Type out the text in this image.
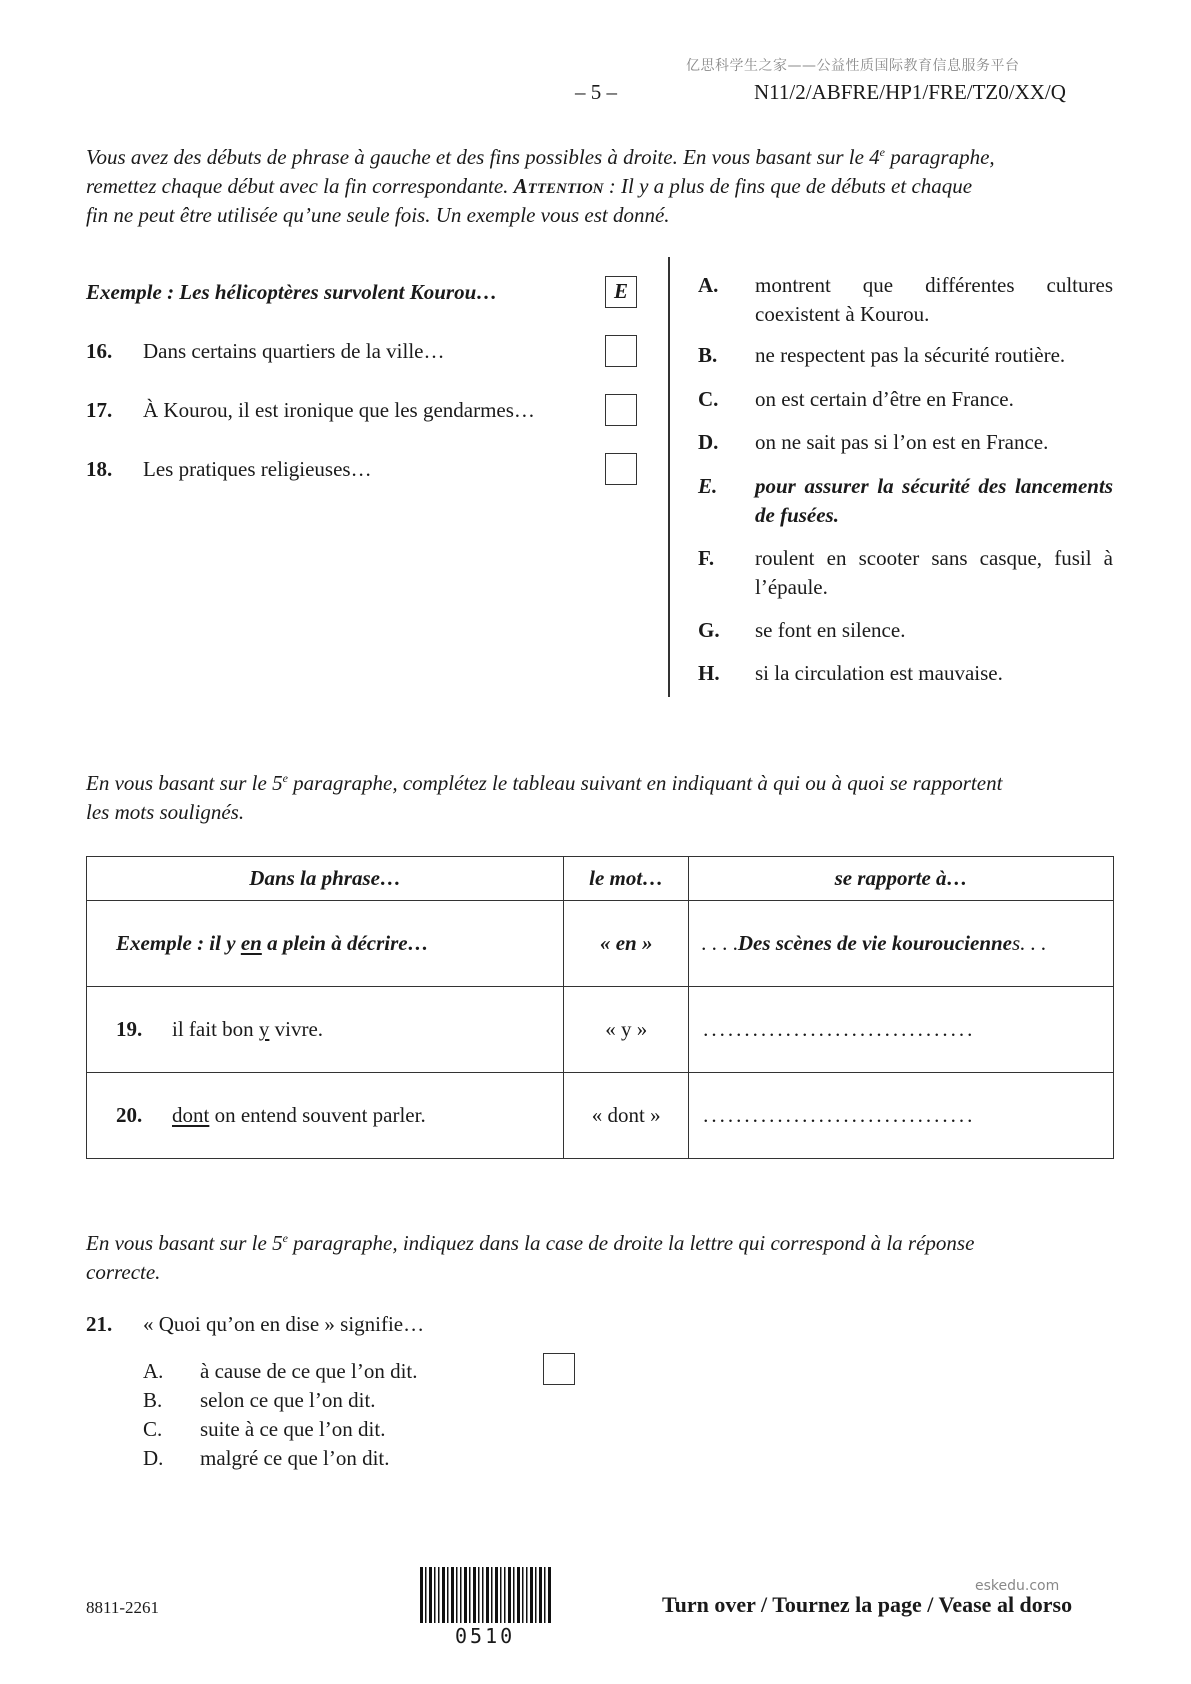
亿思科学生之家——公益性质国际教育信息服务平台
– 5 –	N11/2/ABFRE/HP1/FRE/TZ0/XX/Q
Vous avez des débuts de phrase à gauche et des fins possibles à droite. En vous basant sur le 4e paragraphe,
remettez chaque début avec la fin correspondante. Attention : Il y a plus de fins que de débuts et chaque
fin ne peut être utilisée qu’une seule fois. Un exemple vous est donné.
Exemple : Les hélicoptères survolent Kourou…	E
16. Dans certains quartiers de la ville…
17. À Kourou, il est ironique que les gendarmes…
18. Les pratiques religieuses…
A. montrent que différentes cultures coexistent à Kourou.
B. ne respectent pas la sécurité routière.
C. on est certain d’être en France.
D. on ne sait pas si l’on est en France.
E. pour assurer la sécurité des lancements de fusées.
F. roulent en scooter sans casque, fusil à l’épaule.
G. se font en silence.
H. si la circulation est mauvaise.
En vous basant sur le 5e paragraphe, complétez le tableau suivant en indiquant à qui ou à quoi se rapportent
les mots soulignés.
Dans la phrase…	le mot…	se rapporte à…
Exemple : il y en a plein à décrire…	« en »	. . . .Des scènes de vie kourouciennes. . .
19. il fait bon y vivre.	« y »	.................................
20. dont on entend souvent parler.	« dont »	.................................
En vous basant sur le 5e paragraphe, indiquez dans la case de droite la lettre qui correspond à la réponse
correcte.
21. « Quoi qu’on en dise » signifie…
A. à cause de ce que l’on dit.
B. selon ce que l’on dit.
C. suite à ce que l’on dit.
D. malgré ce que l’on dit.
8811-2261
0510
eskedu.com
Turn over / Tournez la page / Vease al dorso
